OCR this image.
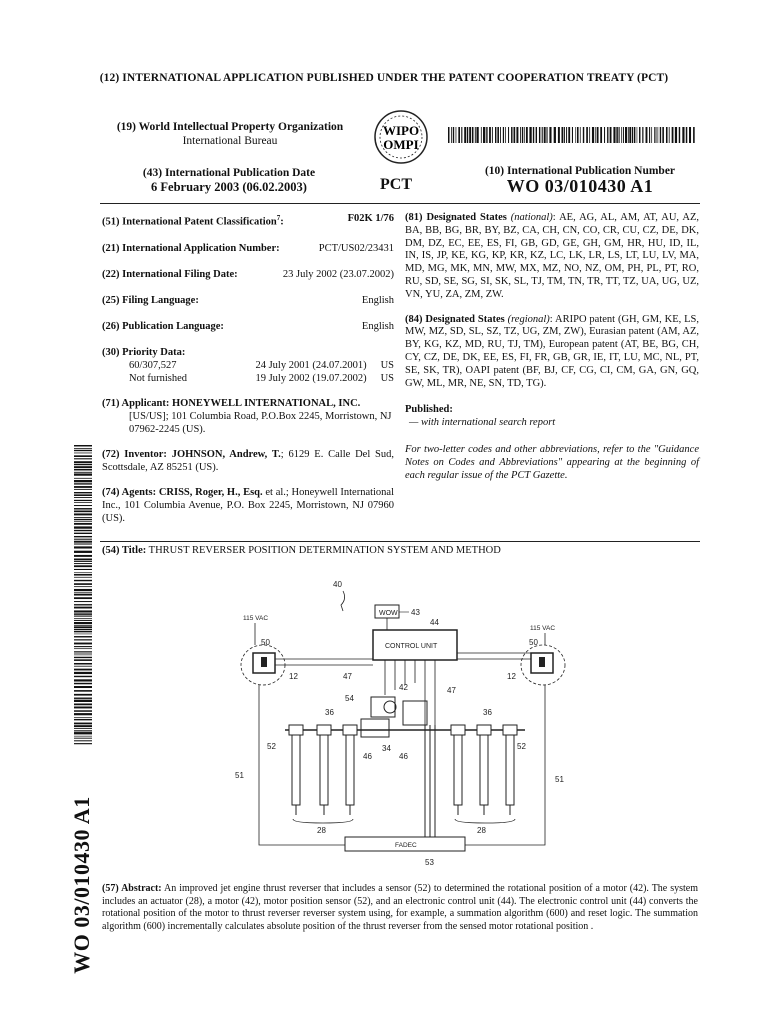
(12) INTERNATIONAL APPLICATION PUBLISHED UNDER THE PATENT COOPERATION TREATY (PCT)
(19) World Intellectual Property Organization
International Bureau
WIPO
OMPI
(43) International Publication Date
6 February 2003 (06.02.2003)	PCT
(10) International Publication Number
WO 03/010430 A1
(51) International Patent Classification$^7$:	F02K 1/76
(21) International Application Number:	PCT/US02/23431
(22) International Filing Date:	23 July 2002 (23.07.2002)
(25) Filing Language:	English
(26) Publication Language:	English
(30) Priority Data:
60/307,527	24 July 2001 (24.07.2001)	US
Not furnished	19 July 2002 (19.07.2002)	US
(71) Applicant: HONEYWELL INTERNATIONAL, INC.
[US/US]; 101 Columbia Road, P.O.Box 2245, Morristown, NJ 07962-2245 (US).
(72) Inventor: JOHNSON, Andrew, T.; 6129 E. Calle Del Sud, Scottsdale, AZ 85251 (US).
(74) Agents: CRISS, Roger, H., Esq. et al.; Honeywell International Inc., 101 Columbia Avenue, P.O. Box 2245, Morristown, NJ 07960 (US).
(81) Designated States (national): AE, AG, AL, AM, AT, AU, AZ, BA, BB, BG, BR, BY, BZ, CA, CH, CN, CO, CR, CU, CZ, DE, DK, DM, DZ, EC, EE, ES, FI, GB, GD, GE, GH, GM, HR, HU, ID, IL, IN, IS, JP, KE, KG, KP, KR, KZ, LC, LK, LR, LS, LT, LU, LV, MA, MD, MG, MK, MN, MW, MX, MZ, NO, NZ, OM, PH, PL, PT, RO, RU, SD, SE, SG, SI, SK, SL, TJ, TM, TN, TR, TT, TZ, UA, UG, UZ, VN, YU, ZA, ZM, ZW.
(84) Designated States (regional): ARIPO patent (GH, GM, KE, LS, MW, MZ, SD, SL, SZ, TZ, UG, ZM, ZW), Eurasian patent (AM, AZ, BY, KG, KZ, MD, RU, TJ, TM), European patent (AT, BE, BG, CH, CY, CZ, DE, DK, EE, ES, FI, FR, GB, GR, IE, IT, LU, MC, NL, PT, SE, SK, TR), OAPI patent (BF, BJ, CF, CG, CI, CM, GA, GN, GQ, GW, ML, MR, NE, SN, TD, TG).
Published:
— with international search report
For two-letter codes and other abbreviations, refer to the "Guidance Notes on Codes and Abbreviations" appearing at the beginning of each regular issue of the PCT Gazette.
WO 03/010430 A1
(54) Title: THRUST REVERSER POSITION DETERMINATION SYSTEM AND METHOD
40
WOW 43
CONTROL UNIT
44
115 VAC
115 VAC
50
12
50
12
47
47
42
54
46
34
46
36	36
52	52
51	51
28	28
FADEC
53
(57) Abstract: An improved jet engine thrust reverser that includes a sensor (52) to determined the rotational position of a motor (42). The system includes an actuator (28), a motor (42), motor position sensor (52), and an electronic control unit (44). The electronic control unit (44) converts the rotational position of the motor to thrust reverser reverser system using, for example, a summation algorithm (600) and reset logic. The summation algorithm (600) incrementally calculates absolute position of the thrust reverser from the sensed motor rotational position .
